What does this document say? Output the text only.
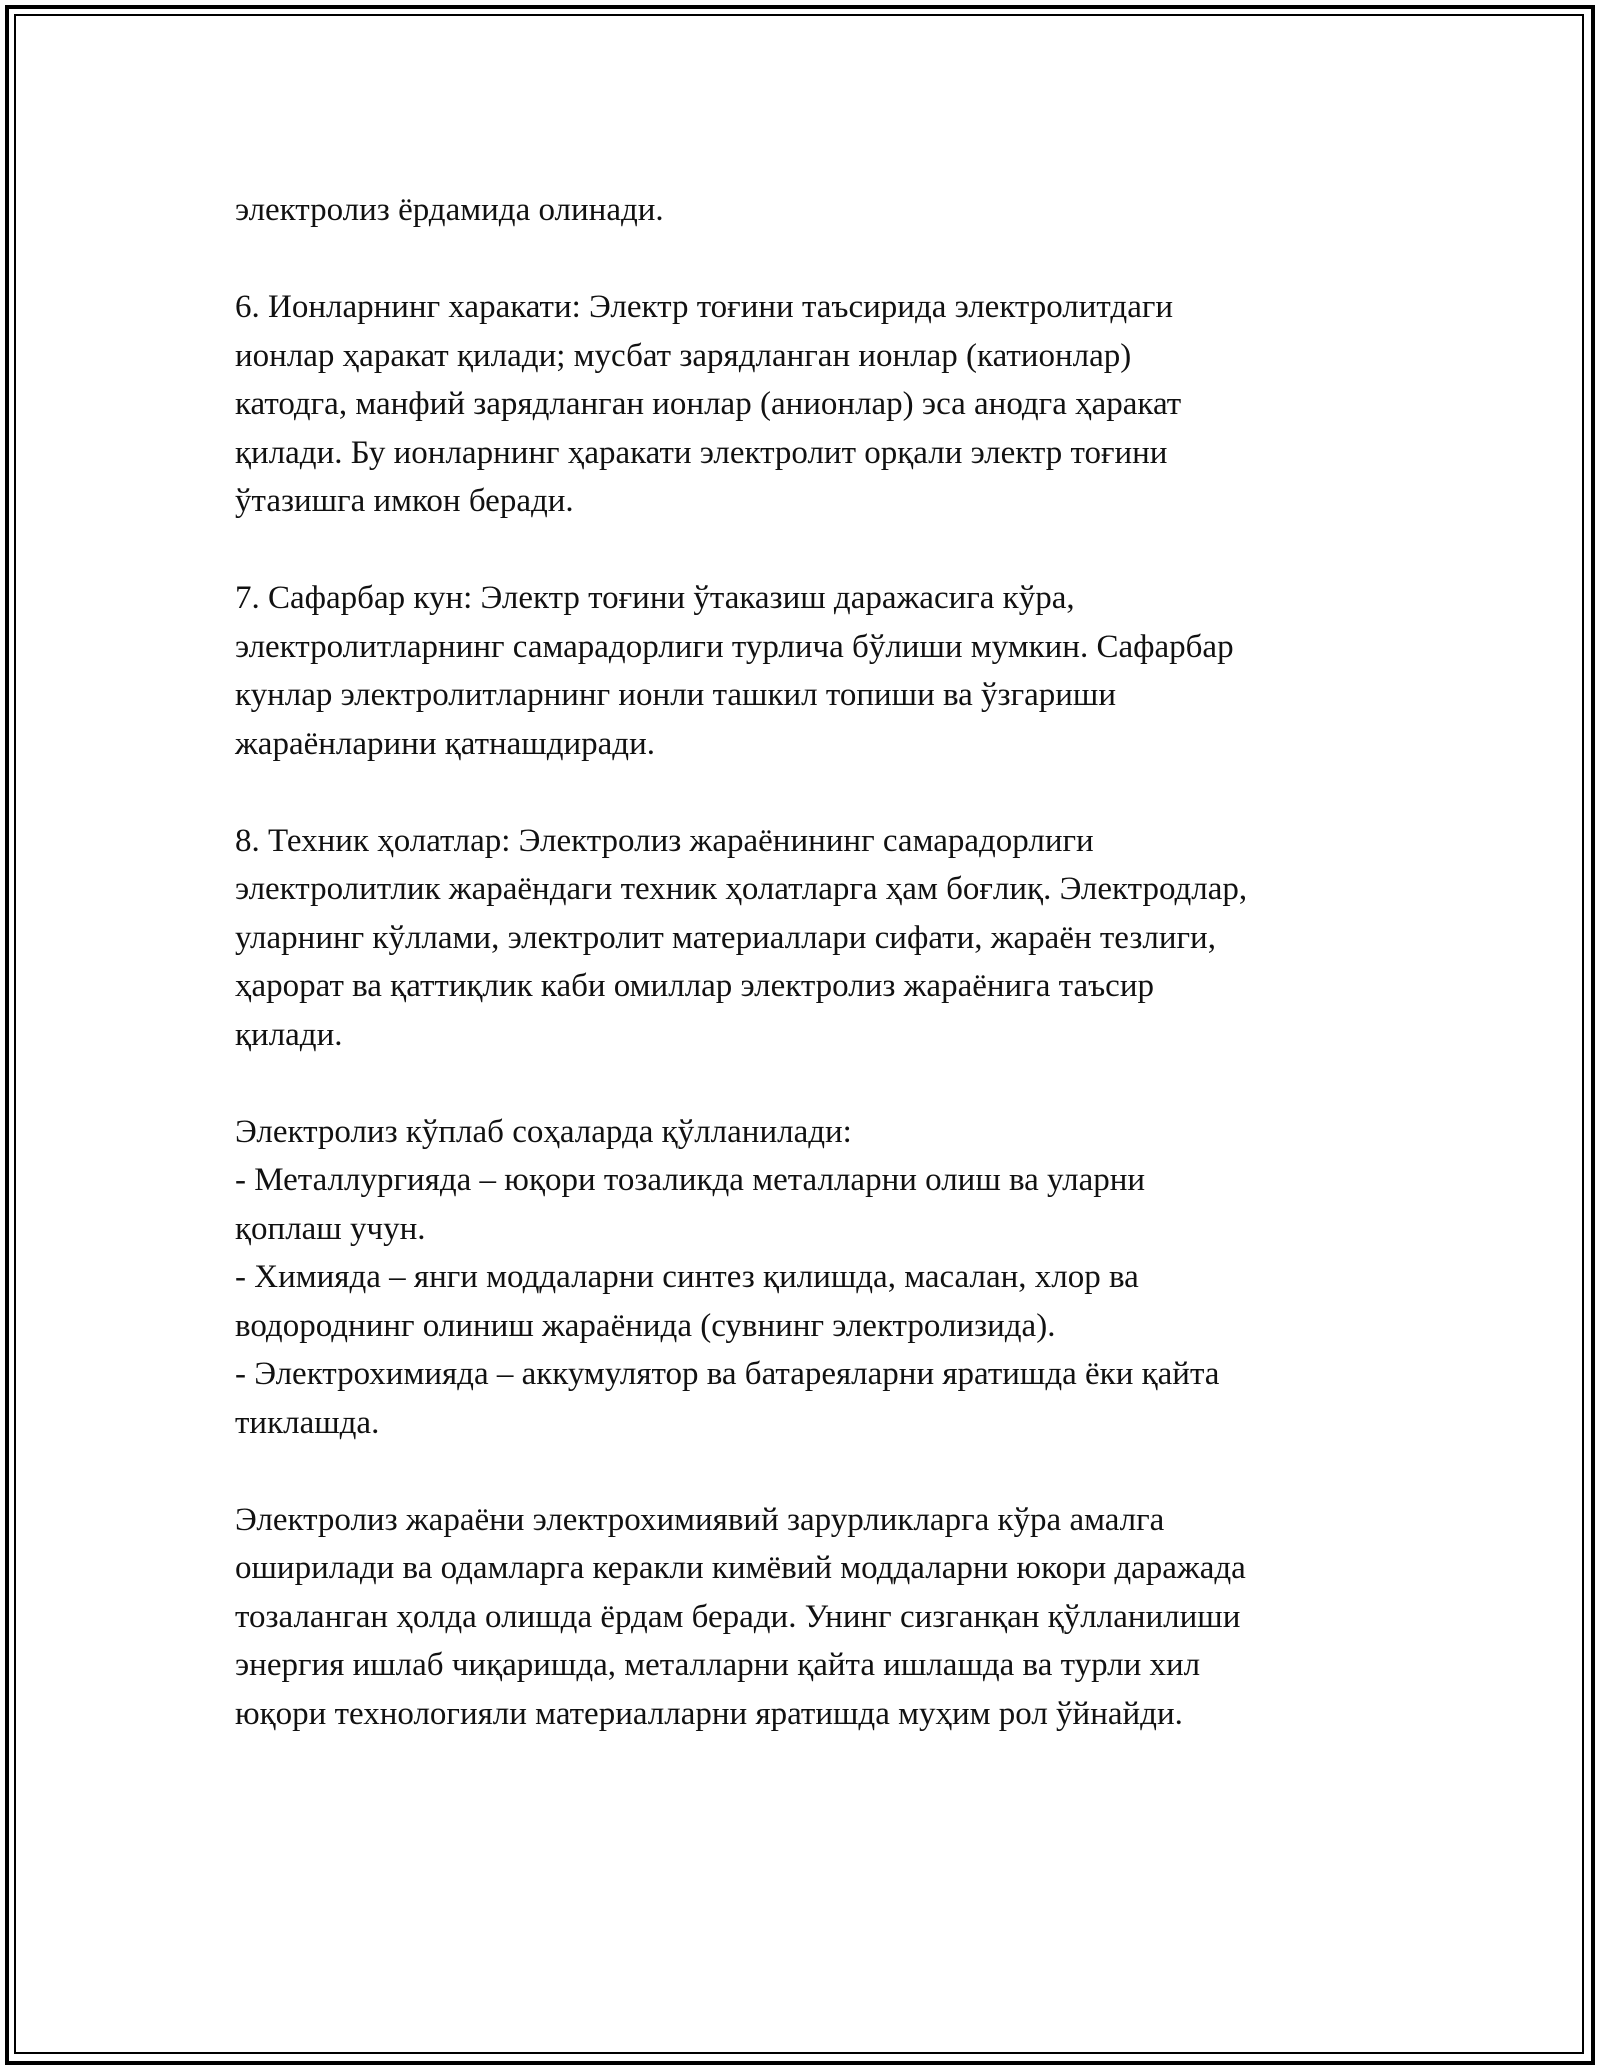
электролиз ёрдамида олинади.

6. Ионларнинг харакати: Электр тоғини таъсирида электролитдаги
ионлар ҳаракат қилади; мусбат зарядланган ионлар (катионлар)
катодга, манфий зарядланган ионлар (анионлар) эса анодга ҳаракат
қилади. Бу ионларнинг ҳаракати электролит орқали электр тоғини
ўтазишга имкон беради.

7. Сафарбар кун: Электр тоғини ўтаказиш даражасига кўра,
электролитларнинг самарадорлиги турлича бўлиши мумкин. Сафарбар
кунлар электролитларнинг ионли ташкил топиши ва ўзгариши
жараёнларини қатнашдиради.

8. Техник ҳолатлар: Электролиз жараёнининг самарадорлиги
электролитлик жараёндаги техник ҳолатларга ҳам боғлиқ. Электродлар,
уларнинг кўллами, электролит материаллари сифати, жараён тезлиги,
ҳарорат ва қаттиқлик каби омиллар электролиз жараёнига таъсир
қилади.

Электролиз кўплаб соҳаларда қўлланилади:
- Металлургияда – юқори тозаликда металларни олиш ва уларни
қоплаш учун.
- Химияда – янги моддаларни синтез қилишда, масалан, хлор ва
водороднинг олиниш жараёнида (сувнинг электролизида).
- Электрохимияда – аккумулятор ва батареяларни яратишда ёки қайта
тиклашда.

Электролиз жараёни электрохимиявий зарурликларга кўра амалга
оширилади ва одамларга керакли кимёвий моддаларни юкори даражада
тозаланган ҳолда олишда ёрдам беради. Унинг сизганқан қўлланилиши
энергия ишлаб чиқаришда, металларни қайта ишлашда ва турли хил
юқори технологияли материалларни яратишда муҳим рол ўйнайди.
